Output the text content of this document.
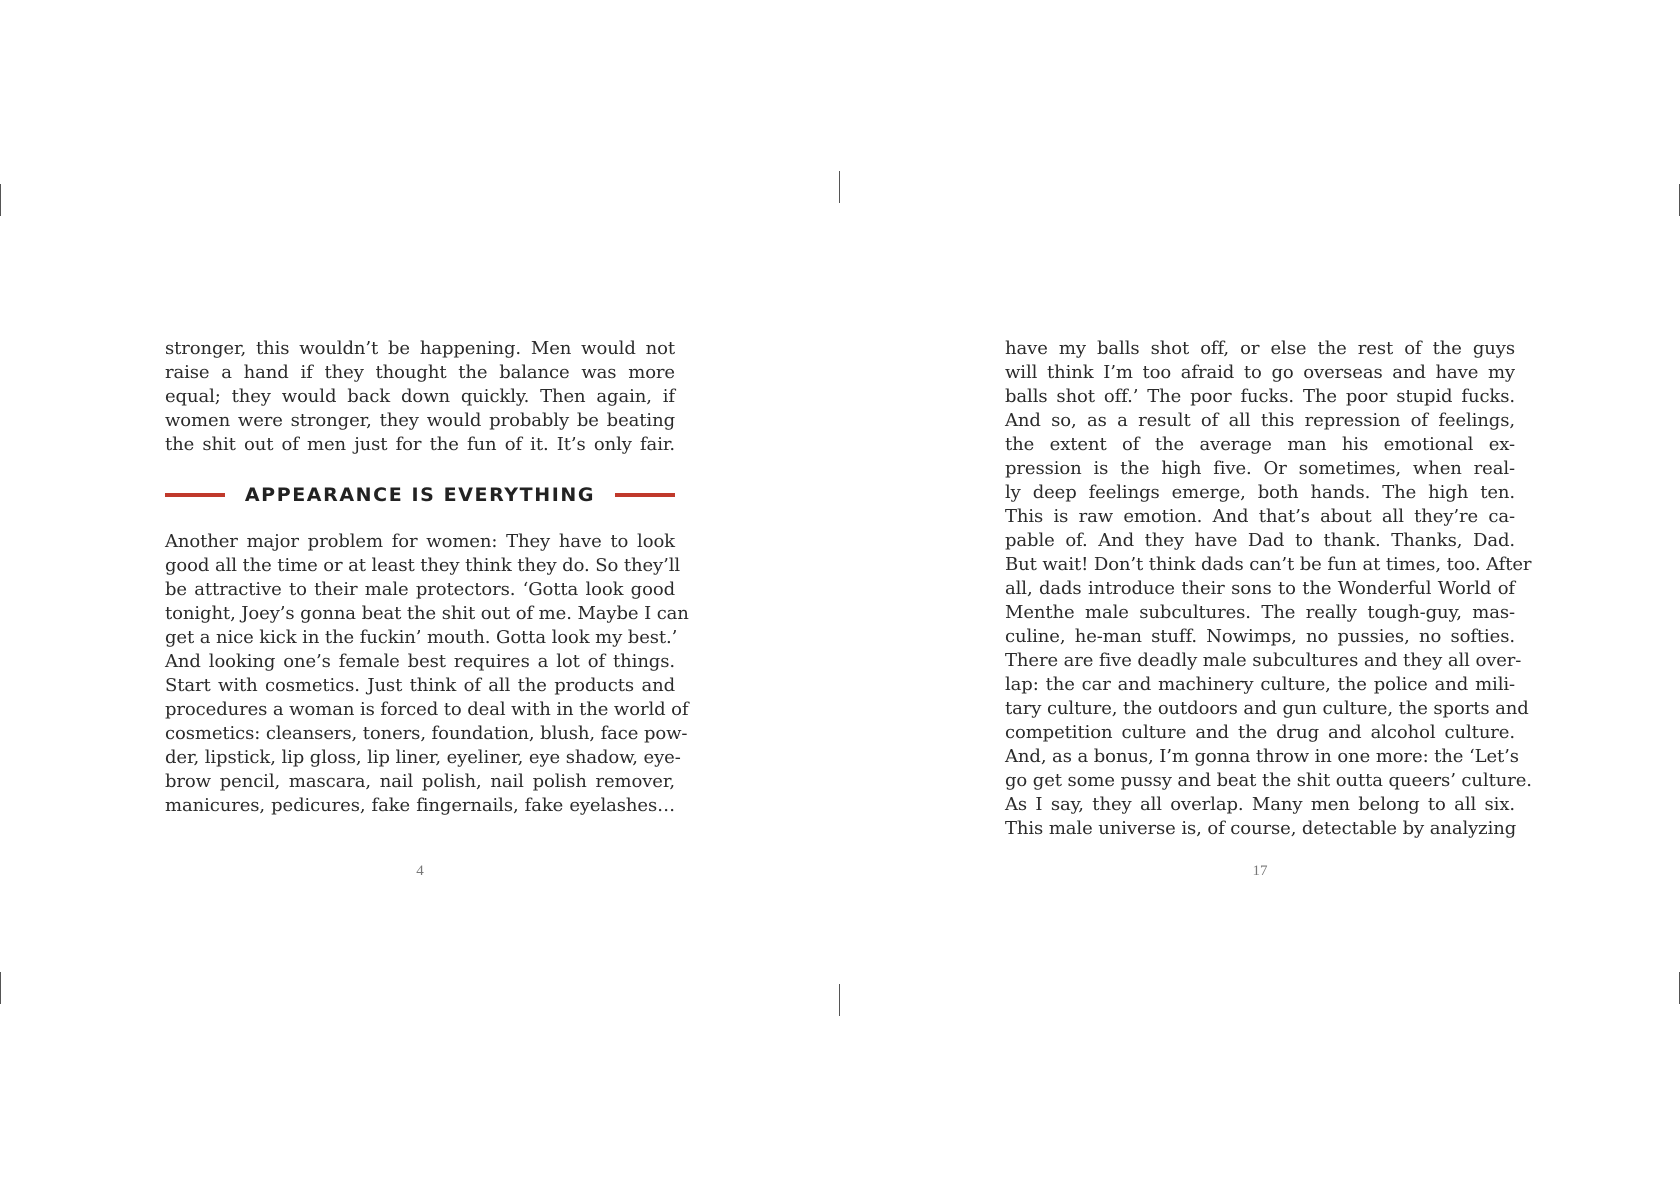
stronger, this wouldn’t be happening. Men would not
raise a hand if they thought the balance was more
equal; they would back down quickly. Then again, if
women were stronger, they would probably be beating
the shit out of men just for the fun of it. It’s only fair.
APPEARANCE IS EVERYTHING
Another major problem for women: They have to look
good all the time or at least they think they do. So they’ll
be attractive to their male protectors. ‘Gotta look good
tonight, Joey’s gonna beat the shit out of me. Maybe I can
get a nice kick in the fuckin’ mouth. Gotta look my best.’
And looking one’s female best requires a lot of things.
Start with cosmetics. Just think of all the products and
procedures a woman is forced to deal with in the world of
cosmetics: cleansers, toners, foundation, blush, face pow-
der, lipstick, lip gloss, lip liner, eyeliner, eye shadow, eye-
brow pencil, mascara, nail polish, nail polish remover,
manicures, pedicures, fake fingernails, fake eyelashes…
4
have my balls shot off, or else the rest of the guys
will think I’m too afraid to go overseas and have my
balls shot off.’ The poor fucks. The poor stupid fucks.
And so, as a result of all this repression of feelings,
the extent of the average man his emotional ex-
pression is the high five. Or sometimes, when real-
ly deep feelings emerge, both hands. The high ten.
This is raw emotion. And that’s about all they’re ca-
pable of. And they have Dad to thank. Thanks, Dad.
But wait! Don’t think dads can’t be fun at times, too. After
all, dads introduce their sons to the Wonderful World of
Menthe male subcultures. The really tough-guy, mas-
culine, he-man stuff. Nowimps, no pussies, no softies.
There are five deadly male subcultures and they all over-
lap: the car and machinery culture, the police and mili-
tary culture, the outdoors and gun culture, the sports and
competition culture and the drug and alcohol culture.
And, as a bonus, I’m gonna throw in one more: the ‘Let’s
go get some pussy and beat the shit outta queers’ culture.
As I say, they all overlap. Many men belong to all six.
This male universe is, of course, detectable by analyzing
17
